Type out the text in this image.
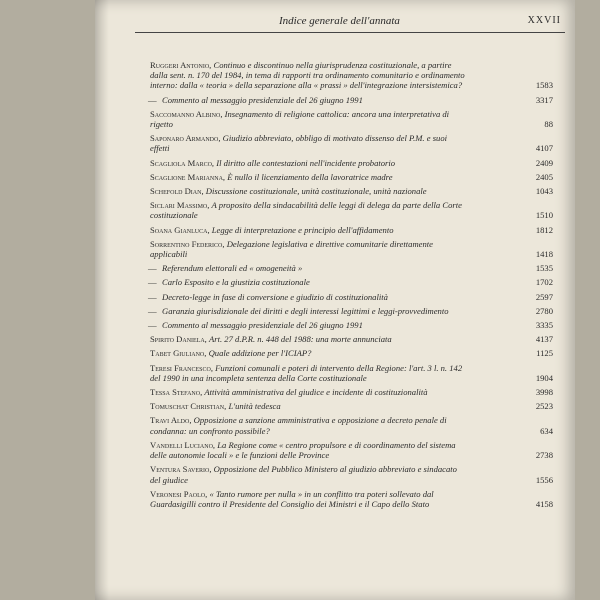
Indice generale dell'annata	XXVII
Ruggeri Antonio, Continuo e discontinuo nella giurisprudenza costituzionale, a partire dalla sent. n. 170 del 1984, in tema di rapporti tra ordinamento comunitario e ordinamento interno: dalla « teoria » della separazione alla « prassi » dell'integrazione intersistemica?	1583
— Commento al messaggio presidenziale del 26 giugno 1991	3317
Saccomanno Albino, Insegnamento di religione cattolica: ancora una interpretativa di rigetto	88
Saponaro Armando, Giudizio abbreviato, obbligo di motivato dissenso del P.M. e suoi effetti	4107
Scagliola Marco, Il diritto alle contestazioni nell'incidente probatorio	2409
Scaglione Marianna, È nullo il licenziamento della lavoratrice madre	2405
Schefold Dian, Discussione costituzionale, unità costituzionale, unità nazionale	1043
Siclari Massimo, A proposito della sindacabilità delle leggi di delega da parte della Corte costituzionale	1510
Soana Gianluca, Legge di interpretazione e principio dell'affidamento	1812
Sorrentino Federico, Delegazione legislativa e direttive comunitarie direttamente applicabili	1418
— Referendum elettorali ed « omogeneità »	1535
— Carlo Esposito e la giustizia costituzionale	1702
— Decreto-legge in fase di conversione e giudizio di costituzionalità	2597
— Garanzia giurisdizionale dei diritti e degli interessi legittimi e leggi-provvedimento	2780
— Commento al messaggio presidenziale del 26 giugno 1991	3335
Spirito Daniela, Art. 27 d.P.R. n. 448 del 1988: una morte annunciata	4137
Tabet Giuliano, Quale addizione per l'ICIAP?	1125
Teresi Francesco, Funzioni comunali e poteri di intervento della Regione: l'art. 3 l. n. 142 del 1990 in una incompleta sentenza della Corte costituzionale	1904
Tessa Stefano, Attività amministrativa del giudice e incidente di costituzionalità	3998
Tomuschat Christian, L'unità tedesca	2523
Travi Aldo, Opposizione a sanzione amministrativa e opposizione a decreto penale di condanna: un confronto possibile?	634
Vandelli Luciano, La Regione come « centro propulsore e di coordinamento del sistema delle autonomie locali » e le funzioni delle Province	2738
Ventura Saverio, Opposizione del Pubblico Ministero al giudizio abbreviato e sindacato del giudice	1556
Veronesi Paolo, « Tanto rumore per nulla » in un conflitto tra poteri sollevato dal Guardasigilli contro il Presidente del Consiglio dei Ministri e il Capo dello Stato	4158
